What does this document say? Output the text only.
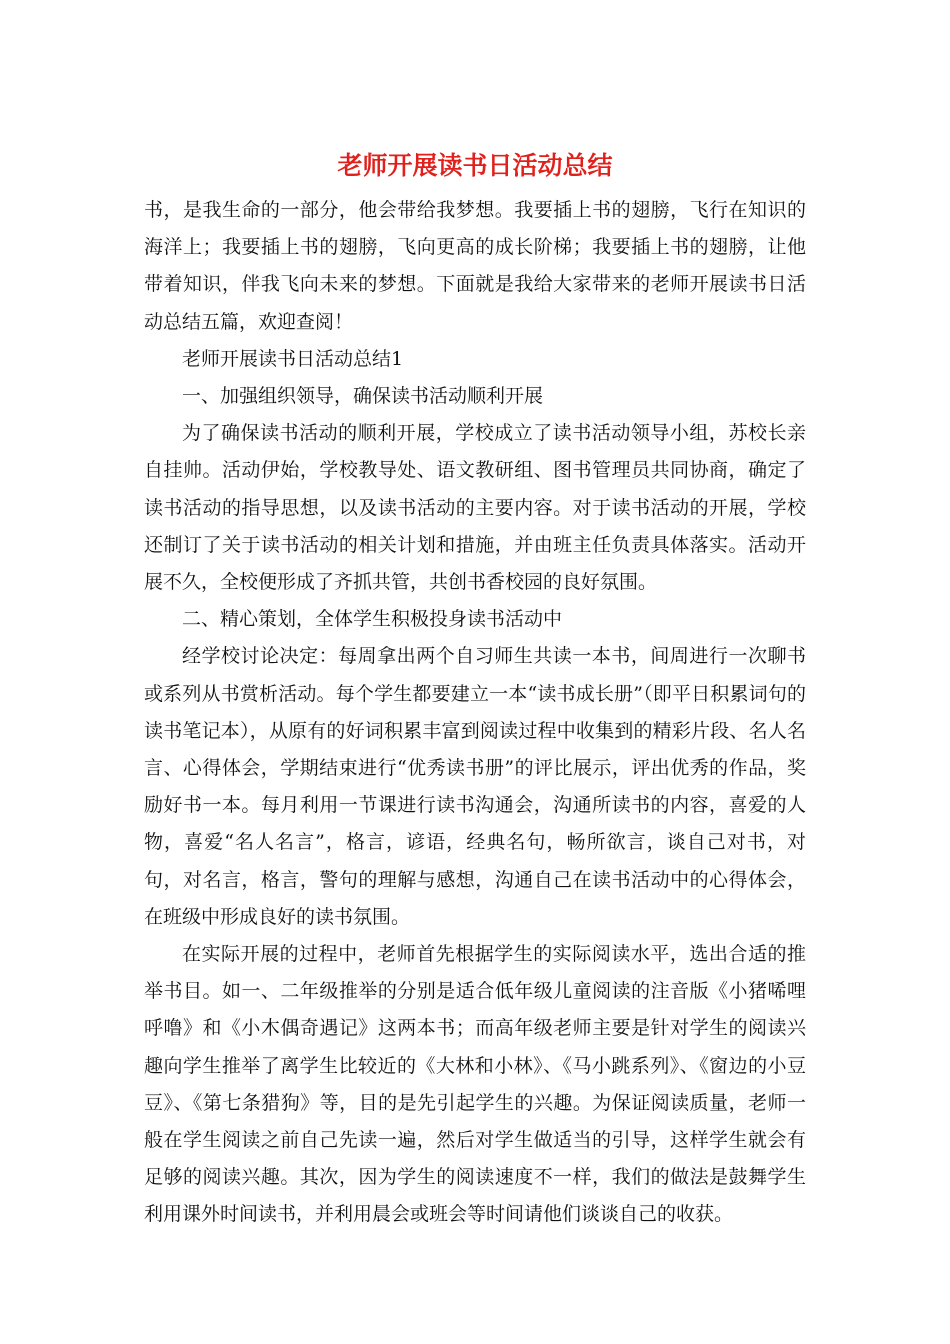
老师开展读书日活动总结

书，是我生命的一部分，他会带给我梦想。我要插上书的翅膀，飞行在知识的海洋上；我要插上书的翅膀，飞向更高的成长阶梯；我要插上书的翅膀，让他带着知识，伴我飞向未来的梦想。下面就是我给大家带来的老师开展读书日活动总结五篇，欢迎查阅！

老师开展读书日活动总结1

一、加强组织领导，确保读书活动顺利开展

为了确保读书活动的顺利开展，学校成立了读书活动领导小组，苏校长亲自挂帅。活动伊始，学校教导处、语文教研组、图书管理员共同协商，确定了读书活动的指导思想，以及读书活动的主要内容。对于读书活动的开展，学校还制订了关于读书活动的相关计划和措施，并由班主任负责具体落实。活动开展不久，全校便形成了齐抓共管，共创书香校园的良好氛围。

二、精心策划，全体学生积极投身读书活动中

经学校讨论决定：每周拿出两个自习师生共读一本书，间周进行一次聊书或系列从书赏析活动。每个学生都要建立一本“读书成长册”（即平日积累词句的读书笔记本），从原有的好词积累丰富到阅读过程中收集到的精彩片段、名人名言、心得体会，学期结束进行“优秀读书册”的评比展示，评出优秀的作品，奖励好书一本。每月利用一节课进行读书沟通会，沟通所读书的内容，喜爱的人物，喜爱“名人名言”，格言，谚语，经典名句，畅所欲言，谈自己对书，对句，对名言，格言，警句的理解与感想，沟通自己在读书活动中的心得体会，在班级中形成良好的读书氛围。

在实际开展的过程中，老师首先根据学生的实际阅读水平，选出合适的推举书目。如一、二年级推举的分别是适合低年级儿童阅读的注音版《小猪唏哩呼噜》和《小木偶奇遇记》这两本书；而高年级老师主要是针对学生的阅读兴趣向学生推举了离学生比较近的《大林和小林》、《马小跳系列》、《窗边的小豆豆》、《第七条猎狗》等，目的是先引起学生的兴趣。为保证阅读质量，老师一般在学生阅读之前自己先读一遍，然后对学生做适当的引导，这样学生就会有足够的阅读兴趣。其次，因为学生的阅读速度不一样，我们的做法是鼓舞学生利用课外时间读书，并利用晨会或班会等时间请他们谈谈自己的收获。
